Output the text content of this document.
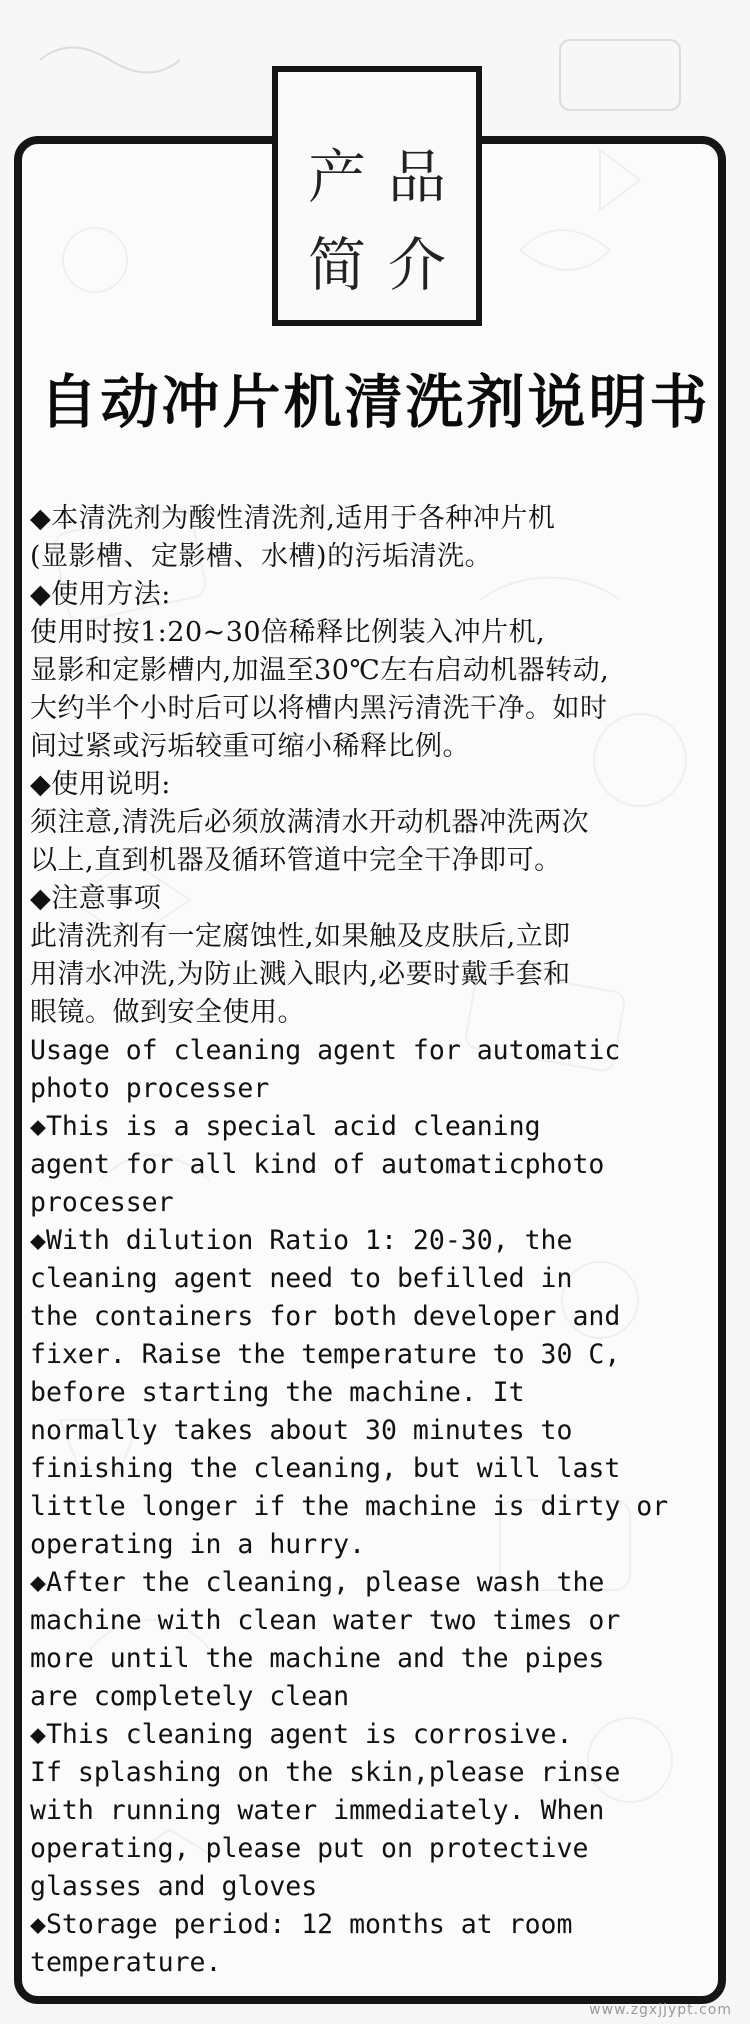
产品
简介
自动冲片机清洗剂说明书
◆本清洗剂为酸性清洗剂,适用于各种冲片机
(显影槽、定影槽、水槽)的污垢清洗。
◆使用方法:
使用时按1:20~30倍稀释比例装入冲片机,
显影和定影槽内,加温至30℃左右启动机器转动,
大约半个小时后可以将槽内黑污清洗干净。如时
间过紧或污垢较重可缩小稀释比例。
◆使用说明:
须注意,清洗后必须放满清水开动机器冲洗两次
以上,直到机器及循环管道中完全干净即可。
◆注意事项
此清洗剂有一定腐蚀性,如果触及皮肤后,立即
用清水冲洗,为防止溅入眼内,必要时戴手套和
眼镜。做到安全使用。
Usage of cleaning agent for automatic
photo processer
◆This is a special acid cleaning
agent for all kind of automaticphoto
processer
◆With dilution Ratio 1: 20-30, the
cleaning agent need to befilled in
the containers for both developer and
fixer. Raise the temperature to 30 C,
before starting the machine. It
normally takes about 30 minutes to
finishing the cleaning, but will last
little longer if the machine is dirty or
operating in a hurry.
◆After the cleaning, please wash the
machine with clean water two times or
more until the machine and the pipes
are completely clean
◆This cleaning agent is corrosive.
If splashing on the skin,please rinse
with running water immediately. When
operating, please put on protective
glasses and gloves
◆Storage period: 12 months at room
temperature.
www.zgxjjypt.com
